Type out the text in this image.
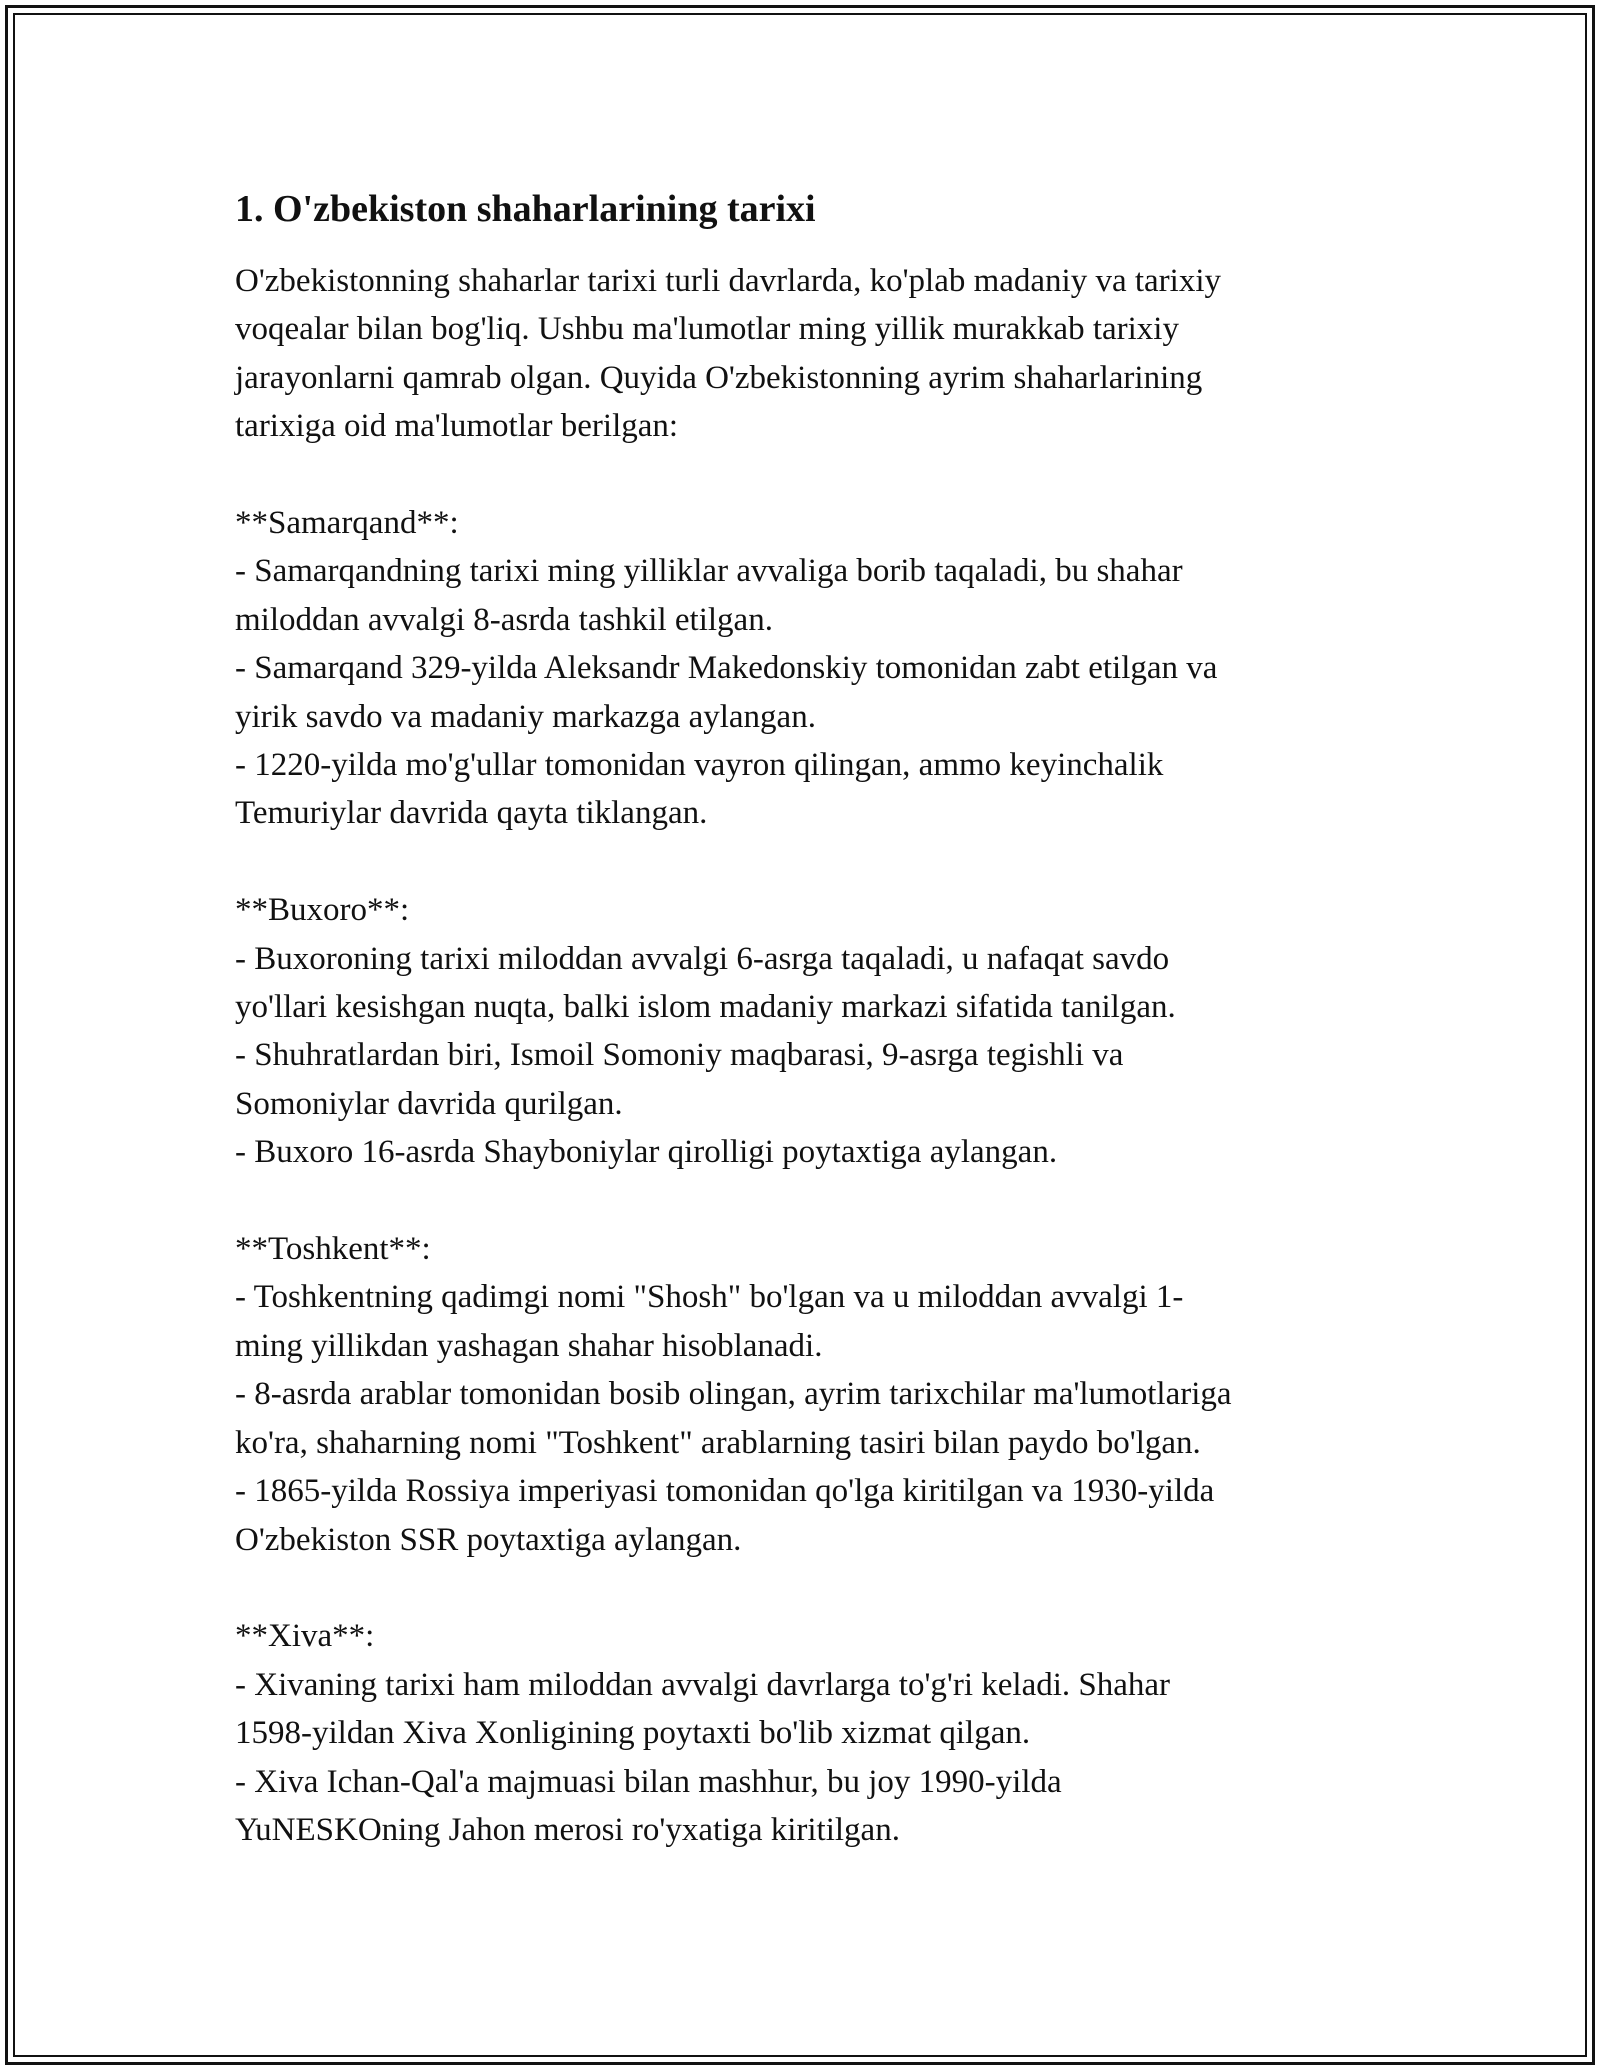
1. O'zbekiston shaharlarining tarixi
O'zbekistonning shaharlar tarixi turli davrlarda, ko'plab madaniy va tarixiy
voqealar bilan bog'liq. Ushbu ma'lumotlar ming yillik murakkab tarixiy
jarayonlarni qamrab olgan. Quyida O'zbekistonning ayrim shaharlarining
tarixiga oid ma'lumotlar berilgan:
**Samarqand**:
- Samarqandning tarixi ming yilliklar avvaliga borib taqaladi, bu shahar
miloddan avvalgi 8-asrda tashkil etilgan.
- Samarqand 329-yilda Aleksandr Makedonskiy tomonidan zabt etilgan va
yirik savdo va madaniy markazga aylangan.
- 1220-yilda mo'g'ullar tomonidan vayron qilingan, ammo keyinchalik
Temuriylar davrida qayta tiklangan.
**Buxoro**:
- Buxoroning tarixi miloddan avvalgi 6-asrga taqaladi, u nafaqat savdo
yo'llari kesishgan nuqta, balki islom madaniy markazi sifatida tanilgan.
- Shuhratlardan biri, Ismoil Somoniy maqbarasi, 9-asrga tegishli va
Somoniylar davrida qurilgan.
- Buxoro 16-asrda Shayboniylar qirolligi poytaxtiga aylangan.
**Toshkent**:
- Toshkentning qadimgi nomi "Shosh" bo'lgan va u miloddan avvalgi 1-
ming yillikdan yashagan shahar hisoblanadi.
- 8-asrda arablar tomonidan bosib olingan, ayrim tarixchilar ma'lumotlariga
ko'ra, shaharning nomi "Toshkent" arablarning tasiri bilan paydo bo'lgan.
- 1865-yilda Rossiya imperiyasi tomonidan qo'lga kiritilgan va 1930-yilda
O'zbekiston SSR poytaxtiga aylangan.
**Xiva**:
- Xivaning tarixi ham miloddan avvalgi davrlarga to'g'ri keladi. Shahar
1598-yildan Xiva Xonligining poytaxti bo'lib xizmat qilgan.
- Xiva Ichan-Qal'a majmuasi bilan mashhur, bu joy 1990-yilda
YuNESKOning Jahon merosi ro'yxatiga kiritilgan.
